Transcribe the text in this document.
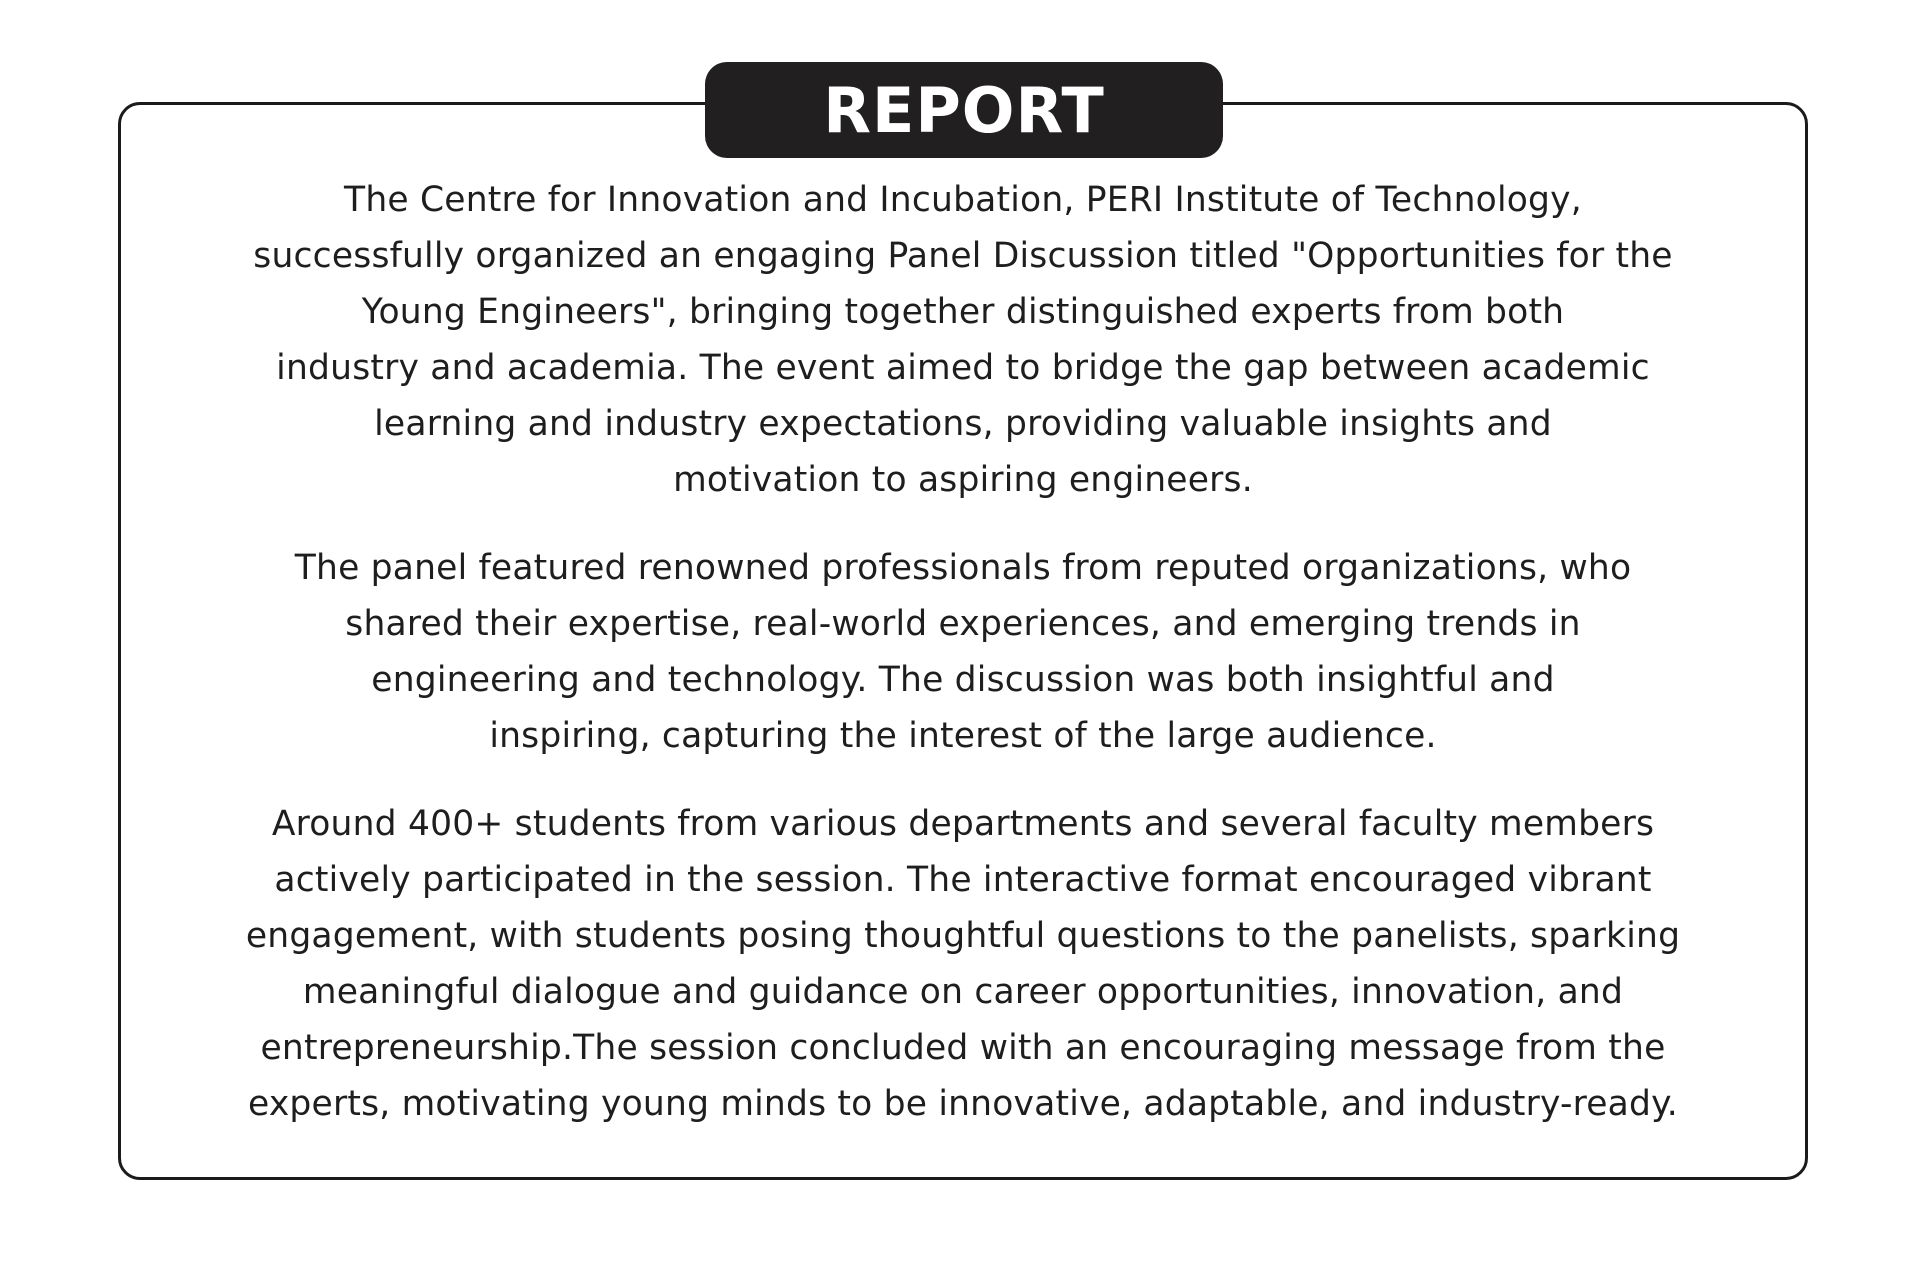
REPORT

The Centre for Innovation and Incubation, PERI Institute of Technology,
successfully organized an engaging Panel Discussion titled "Opportunities for the
Young Engineers", bringing together distinguished experts from both
industry and academia. The event aimed to bridge the gap between academic
learning and industry expectations, providing valuable insights and
motivation to aspiring engineers.

The panel featured renowned professionals from reputed organizations, who
shared their expertise, real-world experiences, and emerging trends in
engineering and technology. The discussion was both insightful and
inspiring, capturing the interest of the large audience.

Around 400+ students from various departments and several faculty members
actively participated in the session. The interactive format encouraged vibrant
engagement, with students posing thoughtful questions to the panelists, sparking
meaningful dialogue and guidance on career opportunities, innovation, and
entrepreneurship.The session concluded with an encouraging message from the
experts, motivating young minds to be innovative, adaptable, and industry-ready.
